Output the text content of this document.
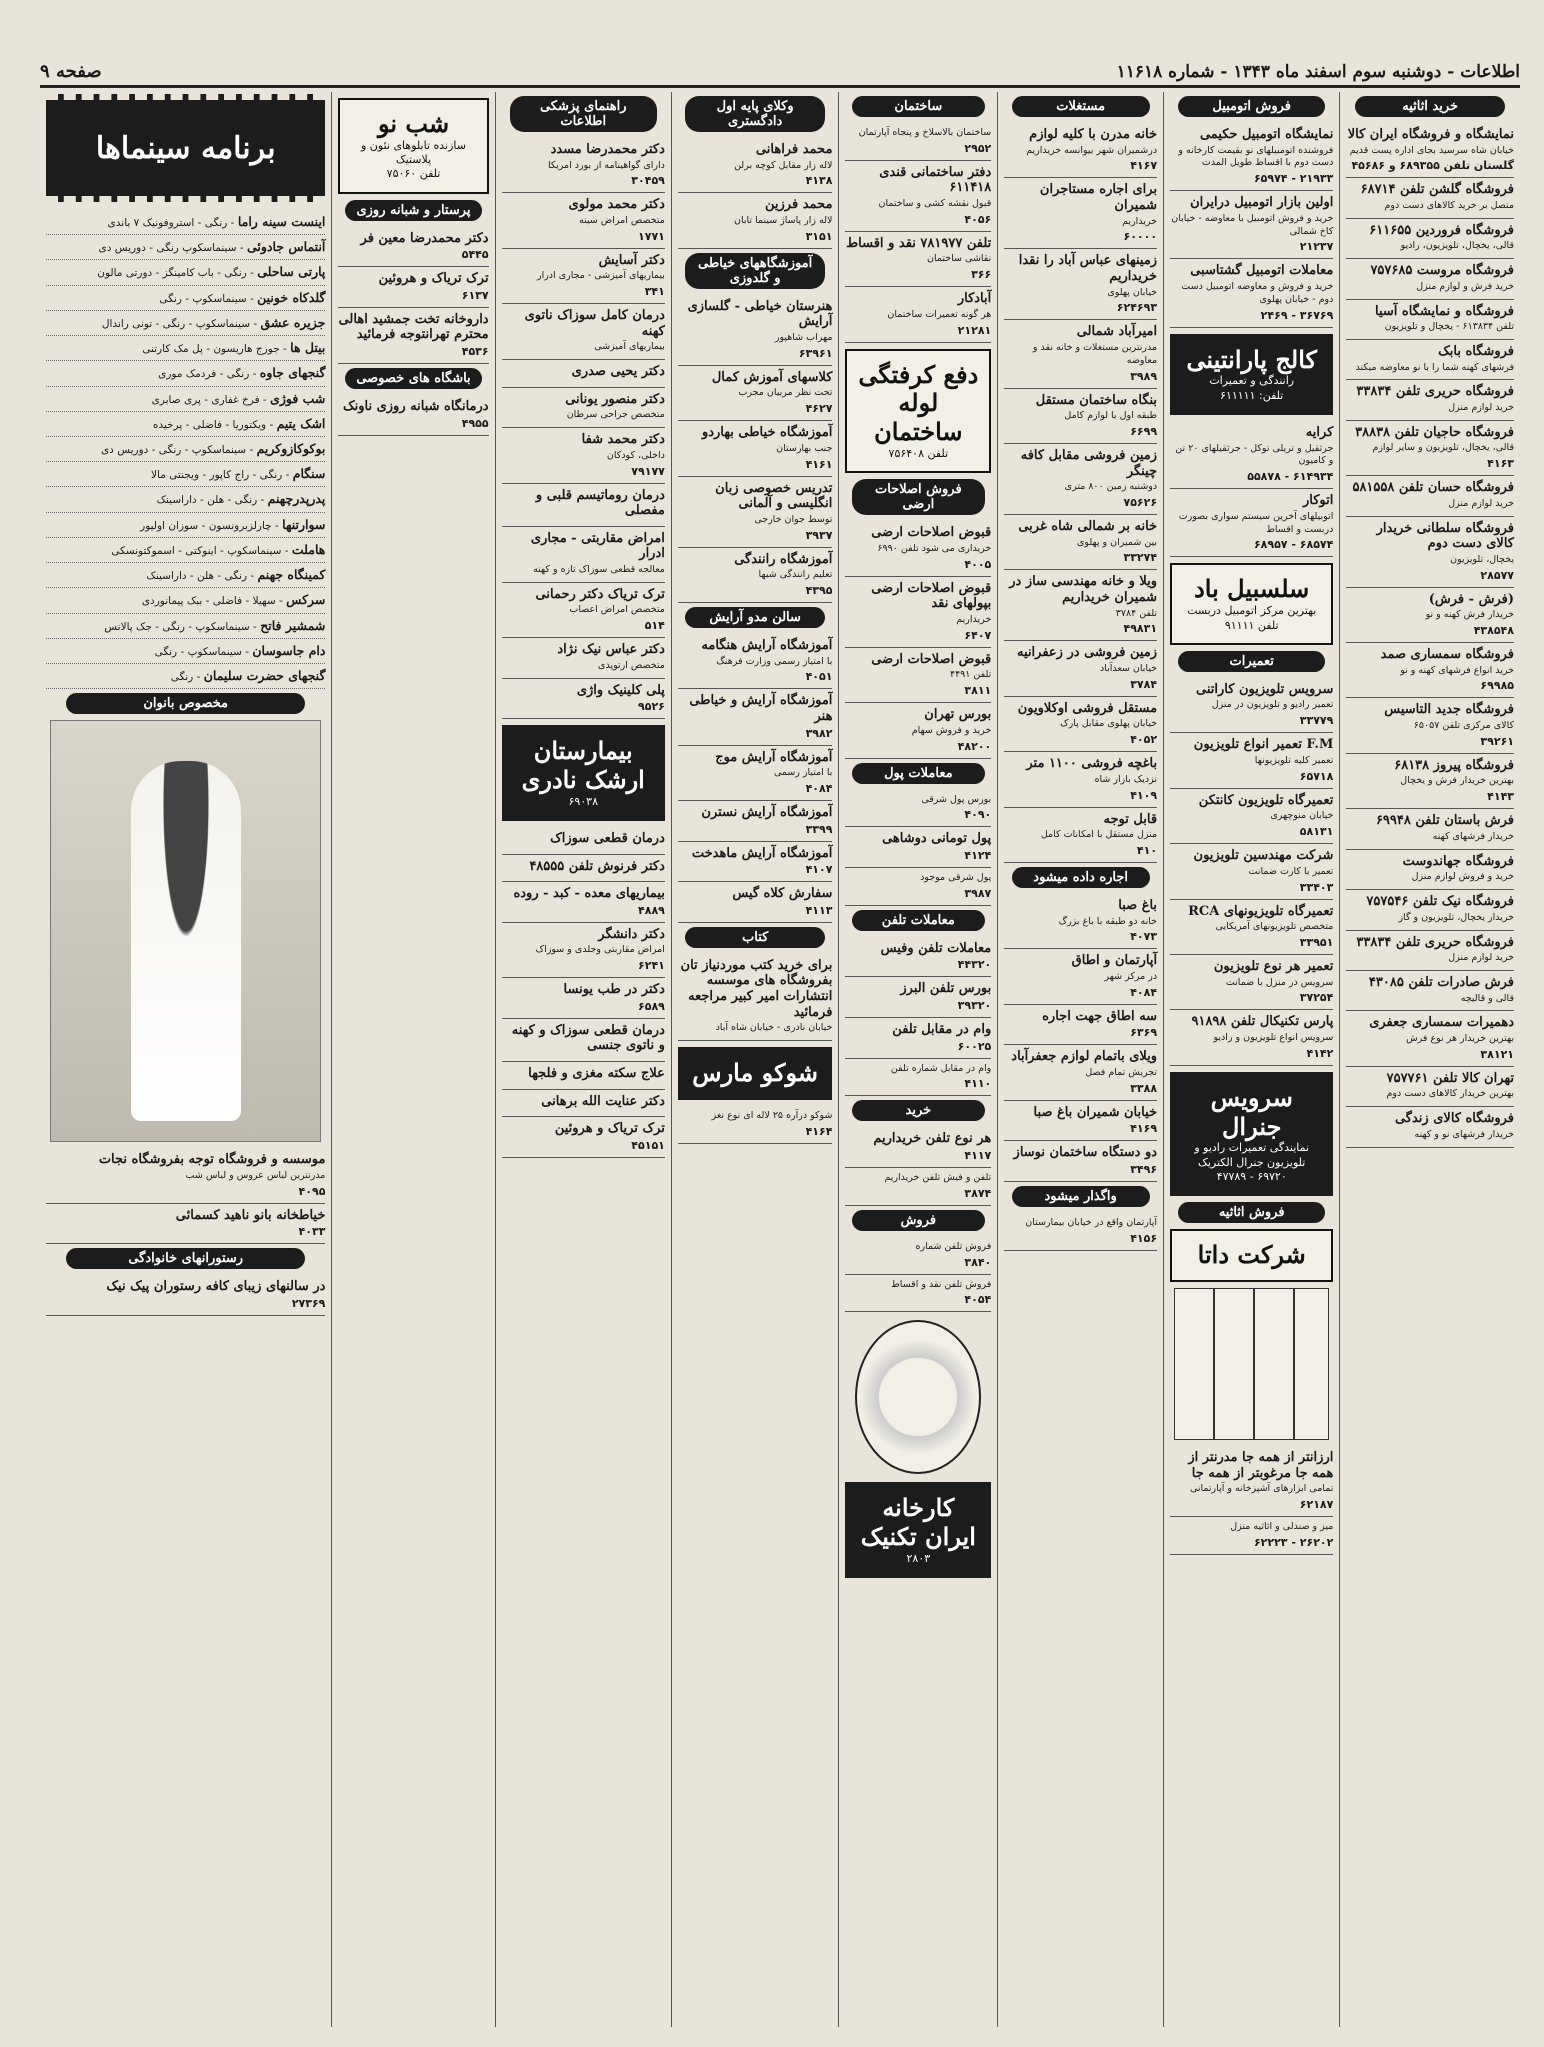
اطلاعات - دوشنبه سوم اسفند ماه ۱۳۴۳ - شماره ۱۱۶۱۸
صفحه ۹
خرید اثاثیه
نمایشگاه و فروشگاه ایران کالا

خیابان شاه سرسید بجای اداره پست قدیم

گلستان تلفن ۶۸۹۳۵۵ و ۴۵۶۸۶
فروشگاه گلشن تلفن ۶۸۷۱۴

متصل بر خرید کالاهای دست دوم

فروشگاه فروردین ۶۱۱۶۵۵

قالی، یخچال، تلویزیون، رادیو

فروشگاه مروست ۷۵۷۶۸۵

خرید فرش و لوازم منزل

فروشگاه و نمایشگاه آسیا

تلفن ۶۱۳۸۳۴ - یخچال و تلویزیون

فروشگاه بابک

فرشهای کهنه شما را با نو معاوضه میکند

فروشگاه حریری تلفن ۳۳۸۳۴

خرید لوازم منزل

فروشگاه حاجیان تلفن ۳۸۸۳۸

قالی، یخچال، تلویزیون و سایر لوازم

۴۱۶۳
فروشگاه حسان تلفن ۵۸۱۵۵۸

خرید لوازم منزل

فروشگاه سلطانی خریدار کالای دست دوم

یخچال، تلویزیون

۲۸۵۷۷
(فرش - فرش)

خریدار فرش کهنه و نو

۴۳۸۵۴۸
فروشگاه سمساری صمد

خرید انواع فرشهای کهنه و نو

۶۹۹۸۵
فروشگاه جدید التاسیس

کالای مرکزی تلفن ۶۵۰۵۷

۳۹۲۶۱
فروشگاه پیروز ۶۸۱۳۸

بهترین خریدار فرش و یخچال

۴۱۴۳
فرش باستان تلفن ۶۹۹۴۸

خریدار فرشهای کهنه

فروشگاه جهاندوست

خرید و فروش لوازم منزل

فروشگاه نیک تلفن ۷۵۷۵۴۶

خریدار یخچال، تلویزیون و گاز

فروشگاه حریری تلفن ۳۳۸۳۴

خرید لوازم منزل

فرش صادرات تلفن ۴۳۰۸۵

قالی و قالیچه

دهمیرات سمساری جعفری

بهترین خریدار هر نوع فرش

۳۸۱۲۱
تهران کالا تلفن ۷۵۷۷۶۱

بهترین خریدار کالاهای دست دوم

فروشگاه کالای زندگی

خریدار فرشهای نو و کهنه

فروش اتومبیل
نمایشگاه اتومبیل حکیمی

فروشنده اتومبیلهای نو بقیمت کارخانه و دست دوم با اقساط طویل المدت

۲۱۹۳۳ - ۶۵۹۷۴
اولین بازار اتومبیل درایران

خرید و فروش اتومبیل با معاوضه - خیابان کاخ شمالی

۲۱۲۳۷
معاملات اتومبیل گشتاسبی

خرید و فروش و معاوضه اتومبیل دست دوم - خیابان پهلوی

۳۶۷۶۹ - ۲۴۶۹
کالج پارانتینی
رانندگی و تعمیرات
تلفن: ۶۱۱۱۱۱
کرایه

جرثقیل و تریلی توکل - جرثقیلهای ۲۰ تن و کامیون

۶۱۴۹۳۴ - ۵۵۸۷۸
اتوکار

اتوبیلهای آخرین سیستم سواری بصورت دربست و اقساط

۶۸۵۷۴ - ۶۸۹۵۷
سلسبیل باد
بهترین مرکز اتومبیل دربست
تلفن ۹۱۱۱۱
تعمیرات
سرویس تلویزیون کاراتنی

تعمیر رادیو و تلویزیون در منزل

۳۳۷۷۹
F.M تعمیر انواع تلویزیون

تعمیر کلیه تلویزیونها

۶۵۷۱۸
تعمیرگاه تلویزیون کانتکن

خیابان منوچهری

۵۸۱۳۱
شرکت مهندسین تلویزیون

تعمیر با کارت ضمانت

۳۳۴۰۳
تعمیرگاه تلویزیونهای RCA

متخصص تلویزیونهای آمریکایی

۳۳۹۵۱
تعمیر هر نوع تلویزیون

سرویس در منزل با ضمانت

۳۷۲۵۴
پارس تکنیکال تلفن ۹۱۸۹۸

سرویس انواع تلویزیون و رادیو

۴۱۴۲
سرویس جنرال
نمایندگی تعمیرات رادیو و تلویزیون جنرال الکتریک
۶۹۷۲۰ - ۴۷۷۸۹
فروش اثاثیه
شرکت داتا
ارزانتر از همه جا مدرنتر از همه جا مرغوبتر از همه جا

تمامی ابزارهای آشپزخانه و آپارتمانی

۶۲۱۸۷

میز و صندلی و اثاثیه منزل

۲۶۲۰۲ - ۶۲۲۲۳
مستغلات
خانه مدرن با کلیه لوازم

درشمیران شهر بیوانسه خریداریم

۴۱۶۷
برای اجاره مستاجران شمیران

خریداریم

۶۰۰۰۰
زمینهای عباس آباد را نقدا خریداریم

خیابان پهلوی

۶۲۴۶۹۳
امیرآباد شمالی

مدرنترین مستغلات و خانه نقد و معاوضه

۳۹۸۹
بنگاه ساختمان مستقل

طبقه اول با لوازم کامل

۶۶۹۹
زمین فروشی مقابل کافه چینگر

دوشنبه زمین ۸۰۰ متری

۷۵۶۲۶
خانه بر شمالی شاه غربی

بین شمیران و پهلوی

۳۳۲۷۴
ویلا و خانه مهندسی ساز در شمیران خریداریم

تلفن ۳۷۸۴

۴۹۸۳۱
زمین فروشی در زعفرانیه

خیابان سعدآباد

۳۷۸۴
مستقل فروشی اوکلاویون

خیابان پهلوی مقابل پارک

۴۰۵۲
باغچه فروشی ۱۱۰۰ متر

نزدیک بازار شاه

۴۱۰۹
قابل توجه

منزل مستقل با امکانات کامل

۴۱۰
اجاره داده میشود
باغ صبا

خانه دو طبقه با باغ بزرگ

۴۰۷۳
آپارتمان و اطاق

در مرکز شهر

۴۰۸۴
سه اطاق جهت اجاره
۶۳۶۹
ویلای باتمام لوازم جعفرآباد

تجریش تمام فصل

۳۳۸۸
خیابان شمیران باغ صبا
۴۱۶۹
دو دستگاه ساختمان نوساز
۳۴۹۶
واگذار میشود

آپارتمان واقع در خیابان بیمارستان

۴۱۵۶
ساختمان

ساختمان بالاسلاخ و پنجاه آپارتمان

۲۹۵۲
دفتر ساختمانی قندی ۶۱۱۴۱۸

قبول نقشه کشی و ساختمان

۴۰۵۶
تلفن ۷۸۱۹۷۷ نقد و اقساط

نقاشی ساختمان

۳۶۶
آبادکار

هر گونه تعمیرات ساختمان

۲۱۲۸۱
دفع کرفتگی لوله ساختمان
تلفن ۷۵۶۴۰۸
فروش اصلاحات ارضی
قبوض اصلاحات ارضی

خریداری می شود تلفن ۶۹۹۰

۴۰۰۵
قبوض اصلاحات ارضی بپولهای نقد

خریداریم

۶۴۰۷
قبوض اصلاحات ارضی

تلفن ۴۴۹۱

۳۸۱۱
بورس تهران

خرید و فروش سهام

۴۸۲۰۰
معاملات پول

بورس پول شرقی

۴۰۹۰
پول تومانی دوشاهی
۴۱۲۴

پول شرقی موجود

۳۹۸۷
معاملات تلفن
معاملات تلفن وفیس
۴۴۳۲۰
بورس تلفن البرز
۳۹۳۲۰
وام در مقابل تلفن
۶۰۰۲۵

وام در مقابل شماره تلفن

۴۱۱۰
خرید
هر نوع تلفن خریداریم
۴۱۱۷

تلفن و فیش تلفن خریداریم

۳۸۷۴
فروش

فروش تلفن شماره

۳۸۴۰

فروش تلفن نقد و اقساط

۴۰۵۴
کارخانه ایران تکنیک
۲۸۰۳
وکلای پایه اول دادگستری
محمد فراهانی

لاله زار مقابل کوچه برلن

۴۱۳۸
محمد فرزین

لاله زار پاساژ سینما تابان

۳۱۵۱
آموزشگاههای خیاطی و گلدوزی
هنرستان خیاطی - گلسازی آرایش

مهراب شاهپور

۶۳۹۶۱
کلاسهای آموزش کمال

تحت نظر مربیان مجرب

۴۶۲۷
آموزشگاه خیاطی بهاردو

جنب بهارستان

۴۱۶۱
تدریس خصوصی زبان انگلیسی و آلمانی

توسط جوان خارجی

۳۹۳۷
آموزشگاه رانندگی

تعلیم رانندگی شبها

۴۳۹۵
سالن مدو آرایش
آموزشگاه آرایش هنگامه

با امتیاز رسمی وزارت فرهنگ

۴۰۵۱
آموزشگاه آرایش و خیاطی هنر
۳۹۸۲
آموزشگاه آرایش موج

با امتیاز رسمی

۴۰۸۴
آموزشگاه آرایش نسترن
۳۳۹۹
آموزشگاه آرایش ماهدخت
۴۱۰۷
سفارش کلاه گیس
۴۱۱۳
کتاب
برای خرید کتب موردنیاز تان بفروشگاه های موسسه انتشارات امیر کبیر مراجعه فرمائید

خیابان نادری - خیابان شاه آباد

شوکو مارس

شوکو درآره ۲۵ لاله ای نوع نغز

۴۱۶۴
راهنمای پزشکی اطلاعات
دکتر محمدرضا مسدد

دارای گواهینامه از بورد امریکا

۳۰۴۵۹
دکتر محمد مولوی

متخصص امراض سینه

۱۷۷۱
دکتر آسایش

بیماریهای آمیزشی - مجاری ادرار

۳۴۱
درمان کامل سوزاک ناتوی کهنه

بیماریهای آمیزشی

دکتر یحیی صدری
دکتر منصور یونانی

متخصص جراحی سرطان

دکتر محمد شفا

داخلی، کودکان

۷۹۱۷۷
درمان روماتیسم قلبی و مفصلی
امراض مقاربتی - مجاری ادرار

معالجه قطعی سوزاک تازه و کهنه

ترک تریاک دکتر رحمانی

متخصص امراض اعصاب

۵۱۴
دکتر عباس نیک نژاد

متخصص ارتوپدی

پلی کلینیک واژی
۹۵۲۶
بیمارستان ارشک نادری
۶۹۰۳۸
درمان قطعی سوزاک
دکتر فرنوش تلفن ۴۸۵۵۵
بیماریهای معده - کبد - روده
۴۸۸۹
دکتر دانشگر

امراض مقاربتی وجلدی و سوزاک

۶۲۴۱
دکتر در طب یونسا
۶۵۸۹
درمان قطعی سوزاک و کهنه و ناتوی جنسی
علاج سکته مغزی و فلجها
دکتر عنایت الله برهانی
ترک تریاک و هروئین
۴۵۱۵۱
شب نو
سازنده تابلوهای نئون و پلاستیک
تلفن ۷۵۰۶۰
پرستار و شبانه روزی
دکتر محمدرضا معین فر
۵۴۴۵
ترک تریاک و هروئین
۶۱۳۷
داروخانه تخت جمشید اهالی محترم تهرانتوجه فرمائید
۴۵۳۶
باشگاه های خصوصی
درمانگاه شبانه روزی ناونک
۴۹۵۵
برنامه سینماها
اینست سینه راما - رنگی - استروفونیک ۷ باندی
آنتماس جادوئی - سینماسکوپ رنگی - دوریس دی
پارتی ساحلی - رنگی - باب کامینگز - دورتی مالون
گلدکاه خونین - سینماسکوپ - رنگی
جزیره عشق - سینماسکوپ - رنگی - تونی راندال
بیتل ها - جورج هاریسون - پل مک کارتنی
گنجهای جاوه - رنگی - فردمک موری
شب فوژی - فرخ غفاری - پری صابری
اشک یتیم - ویکتوریا - فاضلی - پرخیده
بوکوکازوکریم - سینماسکوپ - رنگی - دوریس دی
سنگام - رنگی - راج کاپور - ویجنتی مالا
پدرپدرچهنم - رنگی - هلن - داراسینک
سوارتنها - چارلزبرونسون - سوزان اولیور
هاملت - سینماسکوپ - اینوکتی - اسموکتونسکی
کمینگاه جهنم - رنگی - هلن - داراسینک
سرکس - سهیلا - فاضلی - ببک پیمانوردی
شمشیر فاتح - سینماسکوپ - رنگی - جک پالانس
دام جاسوسان - سینماسکوپ - رنگی
گنجهای حضرت سلیمان - رنگی
مخصوص بانوان
موسسه و فروشگاه توجه بفروشگاه نجات

مدرنترین لباس عروس و لباس شب

۴۰۹۵
خیاطخانه بانو ناهید کسمائی
۴۰۳۳
رستورانهای خانوادگی
در سالنهای زیبای کافه رستوران پیک نیک
۲۷۳۶۹
